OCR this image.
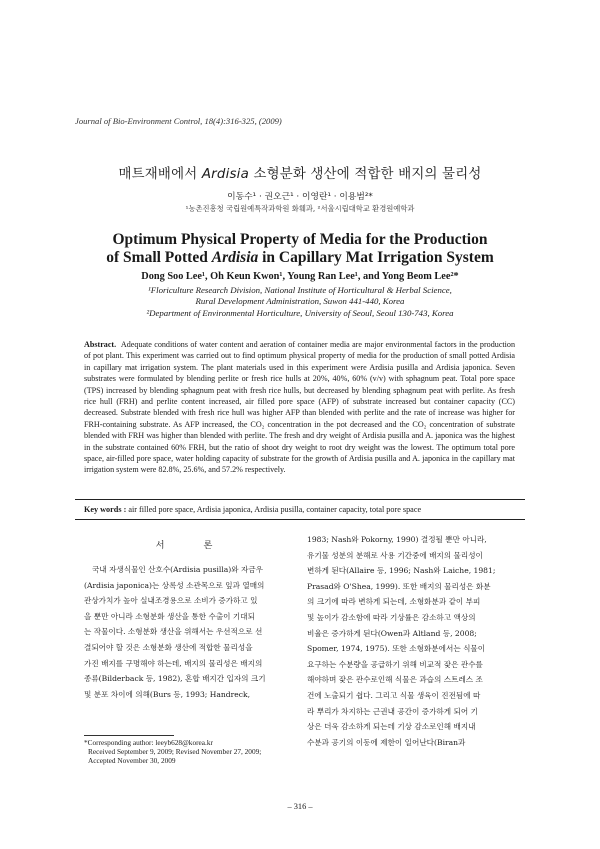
Journal of Bio-Environment Control, 18(4):316-325, (2009)
매트재배에서 Ardisia 소형분화 생산에 적합한 배지의 물리성
이동수¹ · 권오근¹ · 이영란¹ · 이용범²*
¹농촌진흥청 국립원예특작과학원 화훼과, ²서울시립대학교 환경원예학과
Optimum Physical Property of Media for the Production
of Small Potted Ardisia in Capillary Mat Irrigation System
Dong Soo Lee¹, Oh Keun Kwon¹, Young Ran Lee¹, and Yong Beom Lee²*
¹Floriculture Research Division, National Institute of Horticultural & Herbal Science,
Rural Development Administration, Suwon 441-440, Korea
²Department of Environmental Horticulture, University of Seoul, Seoul 130-743, Korea
Abstract. Adequate conditions of water content and aeration of container media are major environmental factors in the production of pot plant. This experiment was carried out to find optimum physical property of media for the production of small potted Ardisia in capillary mat irrigation system. The plant materials used in this experiment were Ardisia pusilla and Ardisia japonica. Seven substrates were formulated by blending perlite or fresh rice hulls at 20%, 40%, 60% (v/v) with sphagnum peat. Total pore space (TPS) increased by blending sphagnum peat with fresh rice hulls, but decreased by blending sphagnum peat with perlite. As fresh rice hull (FRH) and perlite content increased, air filled pore space (AFP) of substrate increased but container capacity (CC) decreased. Substrate blended with fresh rice hull was higher AFP than blended with perlite and the rate of increase was higher for FRH-containing substrate. As AFP increased, the CO₂ concentration in the pot decreased and the CO₂ concentration of substrate blended with FRH was higher than blended with perlite. The fresh and dry weight of Ardisia pusilla and A. japonica was the highest in the substrate contained 60% FRH, but the ratio of shoot dry weight to root dry weight was the lowest. The optimum total pore space, air-filled pore space, water holding capacity of substrate for the growth of Ardisia pusilla and A. japonica in the capillary mat irrigation system were 82.8%, 25.6%, and 57.2% respectively.
Key words : air filled pore space, Ardisia japonica, Ardisia pusilla, container capacity, total pore space
서 론

국내 자생식물인 산호수(Ardisia pusilla)와 자금우

(Ardisia japonica)는 상록성 소관목으로 잎과 열매의

관상가치가 높아 실내조경용으로 소비가 증가하고 있

을 뿐만 아니라 소형분화 생산을 통한 수출이 기대되

는 작물이다. 소형분화 생산을 위해서는 우선적으로 선

결되어야 할 것은 소형분화 생산에 적합한 물리성을

가진 배지를 구명해야 하는데, 배지의 물리성은 배지의

종류(Bilderback 등, 1982), 혼합 배지간 입자의 크기

및 분포 차이에 의해(Burs 등, 1993; Handreck,

1983; Nash와 Pokorny, 1990) 결정될 뿐만 아니라,

유기물 성분의 분해로 사용 기간중에 배지의 물리성이

변하게 된다(Allaire 등, 1996; Nash와 Laiche, 1981;

Prasad와 O'Shea, 1999). 또한 배지의 물리성은 화분

의 크기에 따라 변하게 되는데, 소형화분과 같이 부피

및 높이가 감소함에 따라 기상률은 감소하고 액상의

비율은 증가하게 된다(Owen과 Altland 등, 2008;

Spomer, 1974, 1975). 또한 소형화분에서는 식물이

요구하는 수분량을 공급하기 위해 비교적 잦은 관수를

해야하며 잦은 관수로인해 식물은 과습의 스트레스 조

건에 노출되기 쉽다. 그리고 식물 생육이 진전됨에 따

라 뿌리가 차지하는 근권내 공간이 증가하게 되어 기

상은 더욱 감소하게 되는데 기상 감소로인해 배지내

수분과 공기의 이동에 제한이 일어난다(Biran과

*Corresponding author: leeyb628@korea.kr
Received September 9, 2009; Revised November 27, 2009;
Accepted November 30, 2009
– 316 –
